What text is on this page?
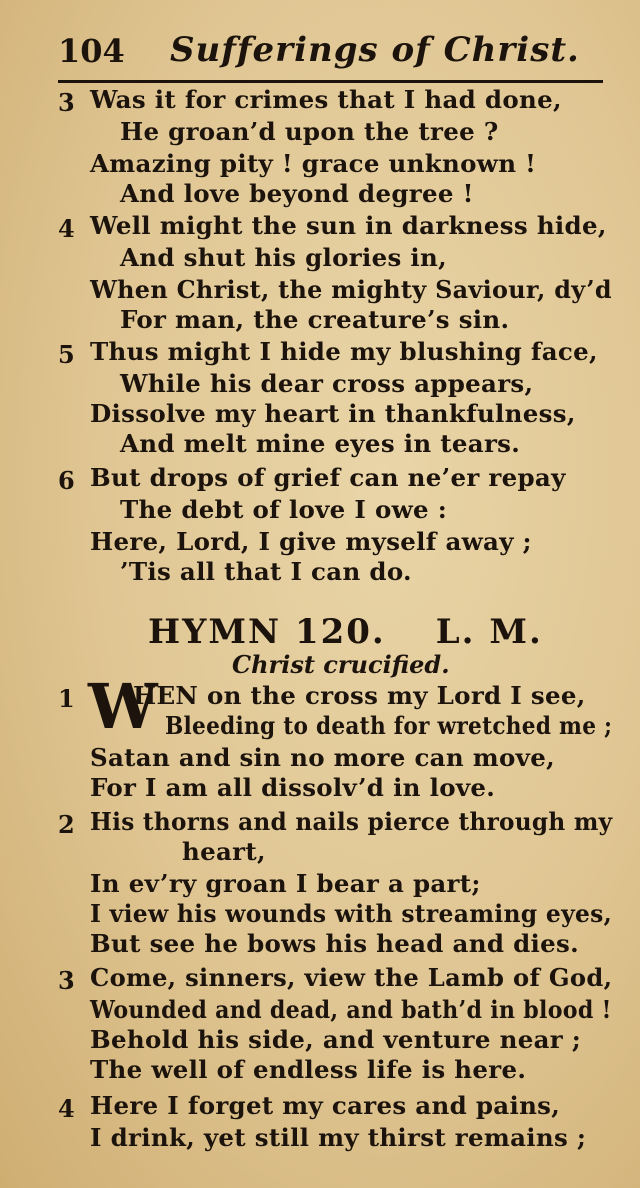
104 Sufferings of Christ.
3 Was it for crimes that I had done,
He groan’d upon the tree ?
Amazing pity ! grace unknown !
And love beyond degree !
4 Well might the sun in darkness hide,
And shut his glories in,
When Christ, the mighty Saviour, dy’d
For man, the creature’s sin.
5 Thus might I hide my blushing face,
While his dear cross appears,
Dissolve my heart in thankfulness,
And melt mine eyes in tears.
6 But drops of grief can ne’er repay
The debt of love I owe :
Here, Lord, I give myself away ;
’Tis all that I can do.
HYMN 120. L. M.
Christ crucified.
1 W
HEN on the cross my Lord I see,
Bleeding to death for wretched me ;
Satan and sin no more can move,
For I am all dissolv’d in love.
2 His thorns and nails pierce through my
heart,
In ev’ry groan I bear a part;
I view his wounds with streaming eyes,
But see he bows his head and dies.
3 Come, sinners, view the Lamb of God,
Wounded and dead, and bath’d in blood !
Behold his side, and venture near ;
The well of endless life is here.
4 Here I forget my cares and pains,
I drink, yet still my thirst remains ;
